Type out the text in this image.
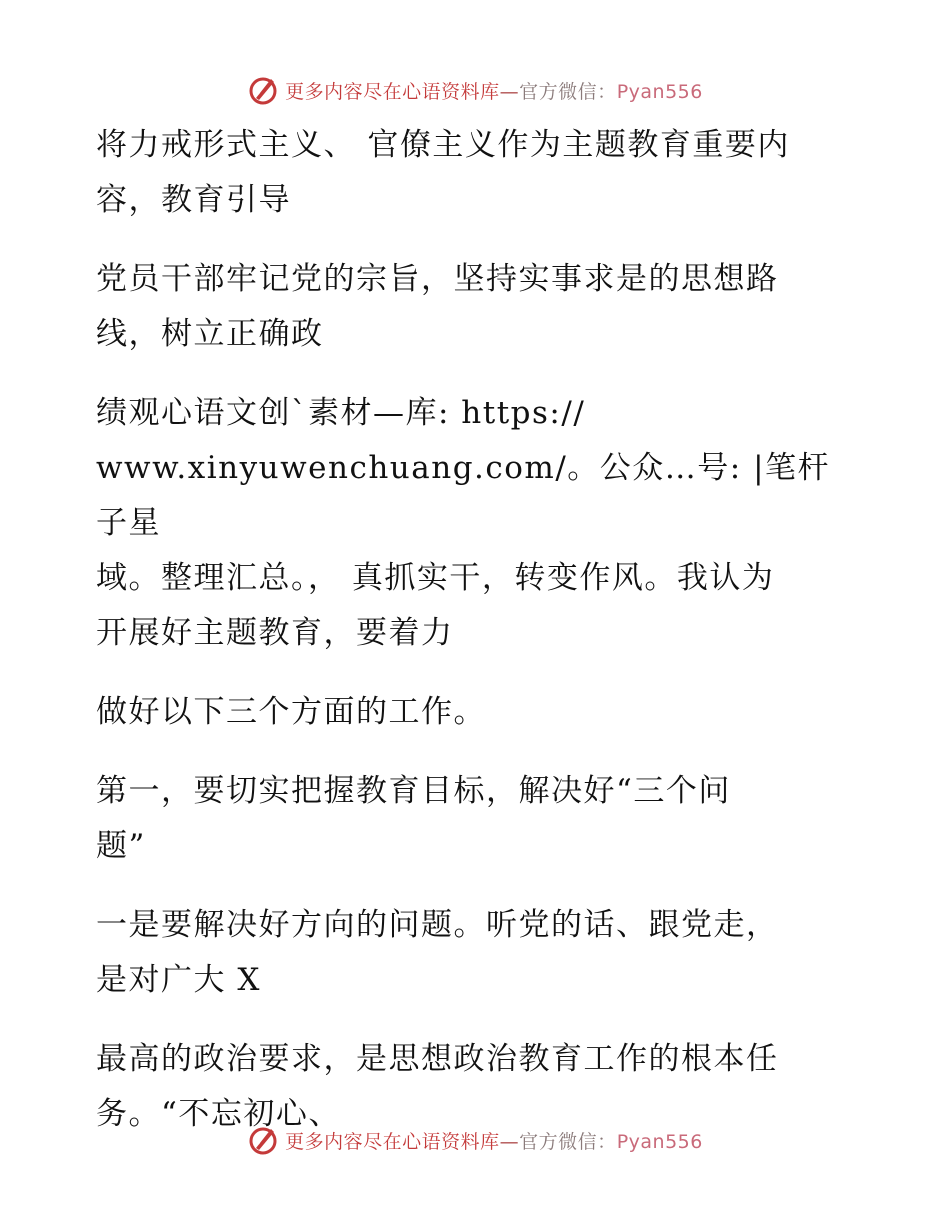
更多内容尽在心语资料库—官方微信：Pyan556

将力戒形式主义、 官僚主义作为主题教育重要内

容，教育引导

党员干部牢记党的宗旨，坚持实事求是的思想路

线，树立正确政

绩观心语文创`素材—库: https://

www.xinyuwenchuang.com/。公众…号: |笔杆子星

域。整理汇总。， 真抓实干，转变作风。我认为

开展好主题教育，要着力

做好以下三个方面的工作。

第一，要切实把握教育目标，解决好“三个问

题”

一是要解决好方向的问题。听党的话、跟党走，

是对广大 X

最高的政治要求，是思想政治教育工作的根本任

务。“不忘初心、

更多内容尽在心语资料库—官方微信：Pyan556
